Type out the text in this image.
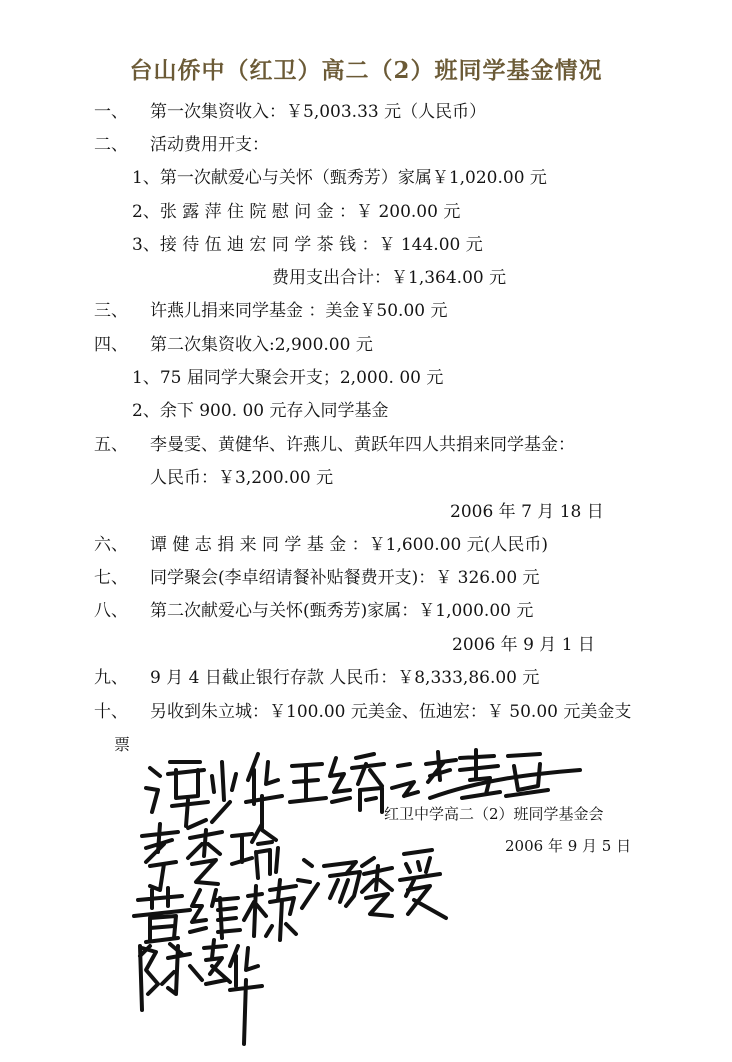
台山侨中（红卫）高二（2）班同学基金情况
一、 第一次集资收入：￥5,003.33 元（人民币）
二、 活动费用开支：
1、第一次献爱心与关怀（甄秀芳）家属￥1,020.00 元
2、张 露 萍 住 院 慰 问 金 ：￥ 200.00 元
3、接 待 伍 迪 宏 同 学 茶 钱 ：￥ 144.00 元
费用支出合计：￥1,364.00 元
三、 许燕儿捐来同学基金 ：美金￥50.00 元
四、 第二次集资收入:2,900.00 元
1、75 届同学大聚会开支；2,000. 00 元
2、余下 900. 00 元存入同学基金
五、 李曼雯、黄健华、许燕儿、黄跃年四人共捐来同学基金：
人民币：￥3,200.00 元
2006 年 7 月 18 日
六、 谭 健 志 捐 来 同 学 基 金 ：￥1,600.00 元(人民币)
七、 同学聚会(李卓绍请餐补贴餐费开支)：￥ 326.00 元
八、 第二次献爱心与关怀(甄秀芳)家属：￥1,000.00 元
2006 年 9 月 1 日
九、 9 月 4 日截止银行存款 人民币：￥8,333,86.00 元
十、 另收到朱立城：￥100.00 元美金、伍迪宏：￥ 50.00 元美金支
票
红卫中学高二（2）班同学基金会
2006 年 9 月 5 日
